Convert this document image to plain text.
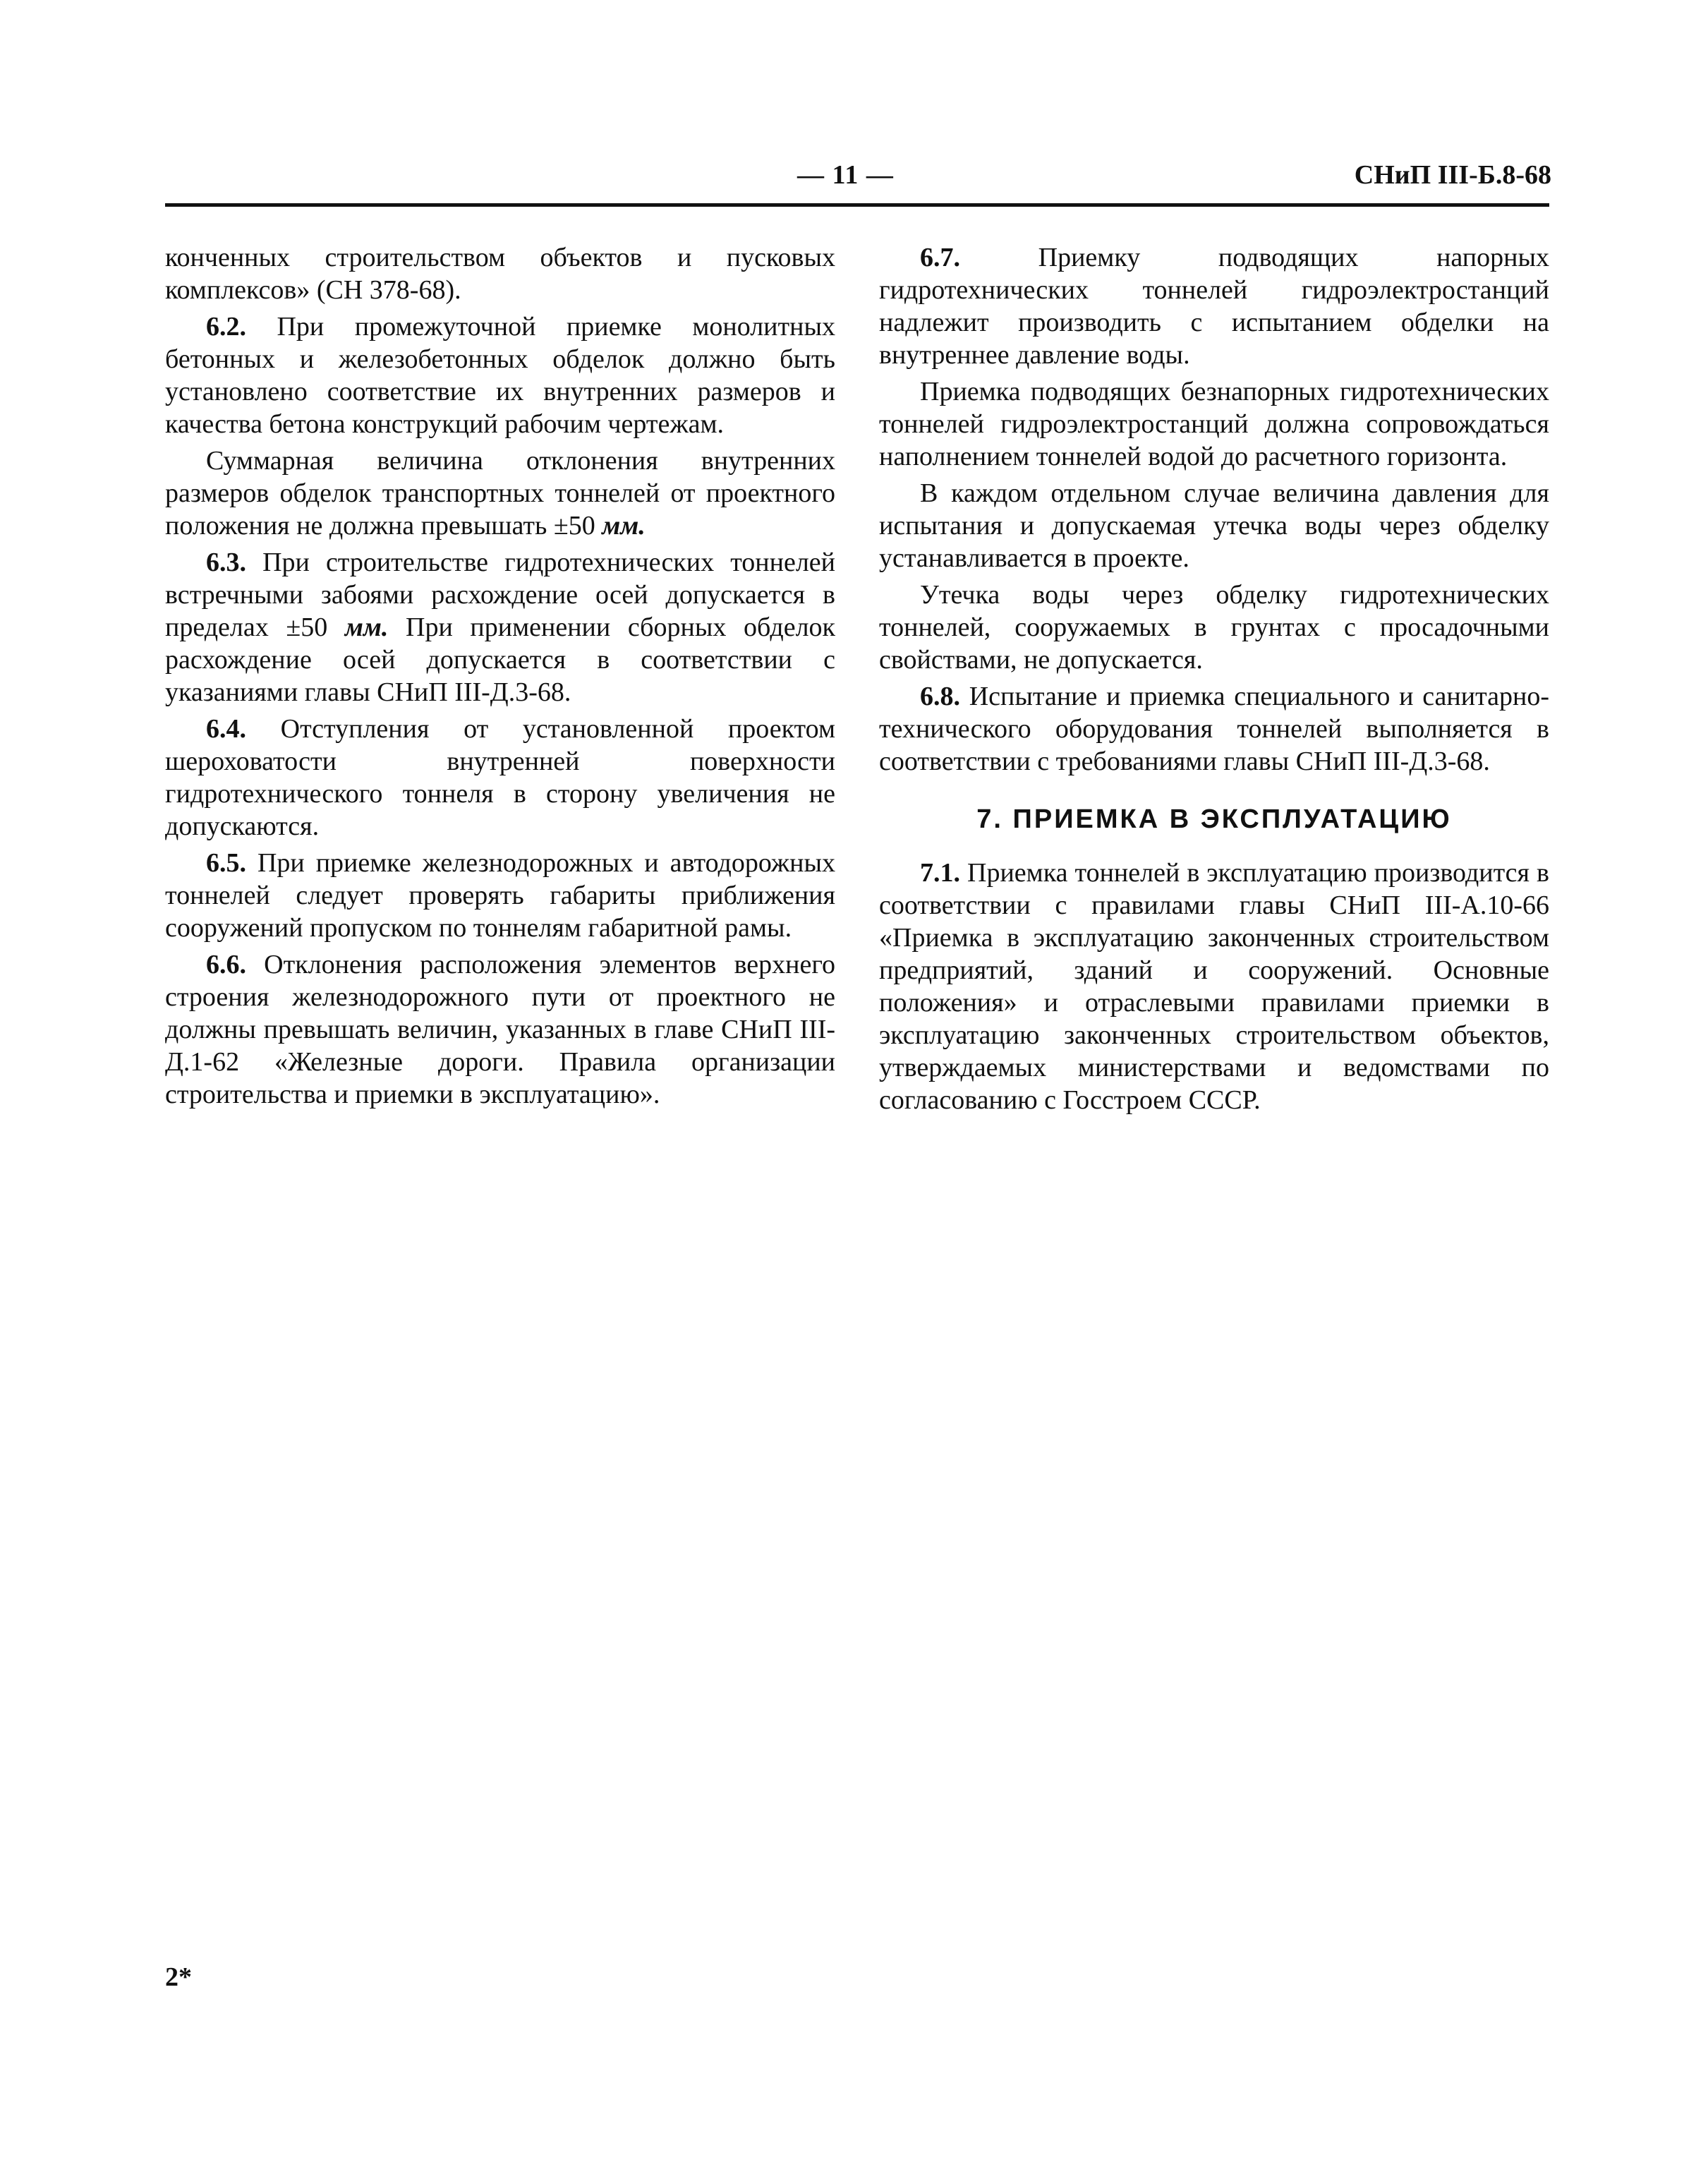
— 11 —	СНиП III-Б.8-68

конченных строительством объектов и пусковых комплексов» (СН 378-68).

6.2. При промежуточной приемке монолитных бетонных и железобетонных обделок должно быть установлено соответствие их внутренних размеров и качества бетона конструкций рабочим чертежам.

Суммарная величина отклонения внутренних размеров обделок транспортных тоннелей от проектного положения не должна превышать ±50 мм.

6.3. При строительстве гидротехнических тоннелей встречными забоями расхождение осей допускается в пределах ±50 мм. При применении сборных обделок расхождение осей допускается в соответствии с указаниями главы СНиП III-Д.3-68.

6.4. Отступления от установленной проектом шероховатости внутренней поверхности гидротехнического тоннеля в сторону увеличения не допускаются.

6.5. При приемке железнодорожных и автодорожных тоннелей следует проверять габариты приближения сооружений пропуском по тоннелям габаритной рамы.

6.6. Отклонения расположения элементов верхнего строения железнодорожного пути от проектного не должны превышать величин, указанных в главе СНиП III-Д.1-62 «Железные дороги. Правила организации строительства и приемки в эксплуатацию».

6.7. Приемку подводящих напорных гидротехнических тоннелей гидроэлектростанций надлежит производить с испытанием обделки на внутреннее давление воды.

Приемка подводящих безнапорных гидротехнических тоннелей гидроэлектростанций должна сопровождаться наполнением тоннелей водой до расчетного горизонта.

В каждом отдельном случае величина давления для испытания и допускаемая утечка воды через обделку устанавливается в проекте.

Утечка воды через обделку гидротехнических тоннелей, сооружаемых в грунтах с просадочными свойствами, не допускается.

6.8. Испытание и приемка специального и санитарно-технического оборудования тоннелей выполняется в соответствии с требованиями главы СНиП III-Д.3-68.

7. ПРИЕМКА В ЭКСПЛУАТАЦИЮ

7.1. Приемка тоннелей в эксплуатацию производится в соответствии с правилами главы СНиП III-А.10-66 «Приемка в эксплуатацию законченных строительством предприятий, зданий и сооружений. Основные положения» и отраслевыми правилами приемки в эксплуатацию законченных строительством объектов, утверждаемых министерствами и ведомствами по согласованию с Госстроем СССР.

2*
